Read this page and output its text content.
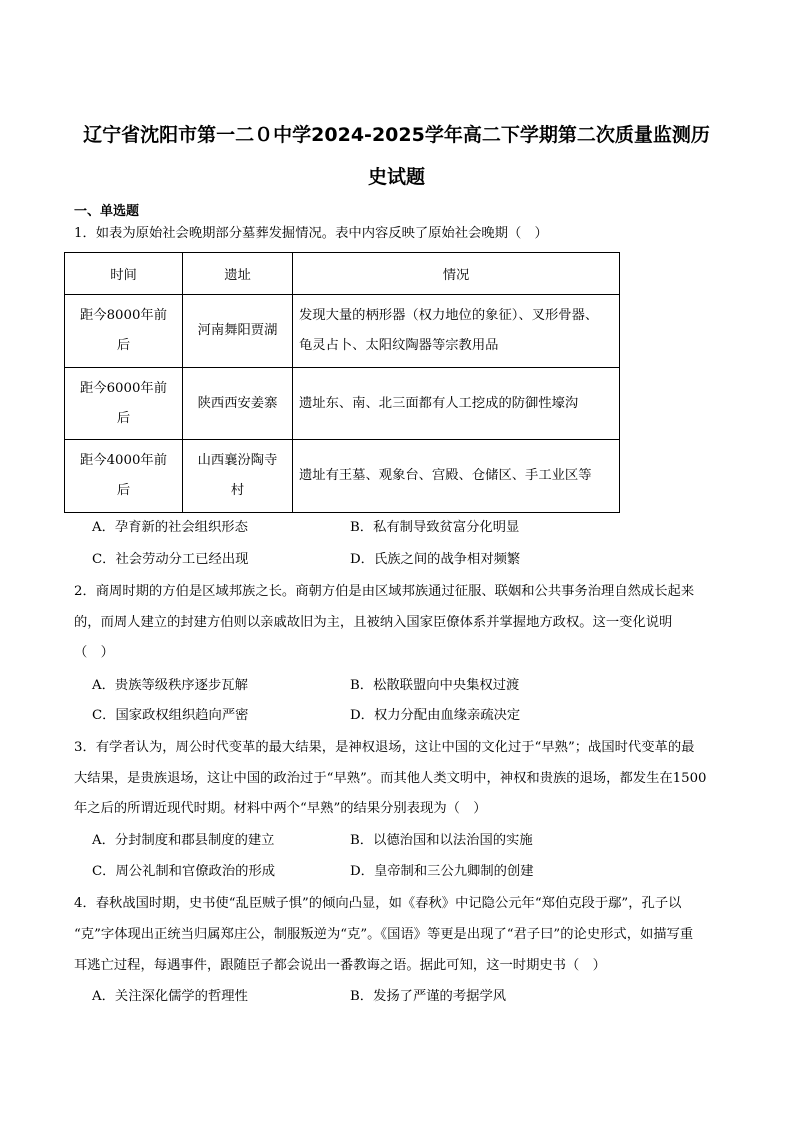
辽宁省沈阳市第一二０中学2024-2025学年高二下学期第二次质量监测历
史试题
一、单选题
1．如表为原始社会晚期部分墓葬发掘情况。表中内容反映了原始社会晚期（　）
时间	遗址	情况
距今8000年前
后	河南舞阳贾湖	发现大量的柄形器（权力地位的象征）、叉形骨器、
龟灵占卜、太阳纹陶器等宗教用品
距今6000年前
后	陕西西安姜寨	遗址东、南、北三面都有人工挖成的防御性壕沟
距今4000年前
后	山西襄汾陶寺
村	遗址有王墓、观象台、宫殿、仓储区、手工业区等
A．孕育新的社会组织形态	B．私有制导致贫富分化明显
C．社会劳动分工已经出现	D．氏族之间的战争相对频繁
2．商周时期的方伯是区域邦族之长。商朝方伯是由区域邦族通过征服、联姻和公共事务治理自然成长起来
的，而周人建立的封建方伯则以亲戚故旧为主，且被纳入国家臣僚体系并掌握地方政权。这一变化说明
（　）
A．贵族等级秩序逐步瓦解	B．松散联盟向中央集权过渡
C．国家政权组织趋向严密	D．权力分配由血缘亲疏决定
3．有学者认为，周公时代变革的最大结果，是神权退场，这让中国的文化过于“早熟”；战国时代变革的最
大结果，是贵族退场，这让中国的政治过于“早熟”。而其他人类文明中，神权和贵族的退场，都发生在1500
年之后的所谓近现代时期。材料中两个“早熟”的结果分别表现为（　）
A．分封制度和郡县制度的建立	B．以德治国和以法治国的实施
C．周公礼制和官僚政治的形成	D．皇帝制和三公九卿制的创建
4．春秋战国时期，史书使“乱臣贼子惧”的倾向凸显，如《春秋》中记隐公元年“郑伯克段于鄢”，孔子以
“克”字体现出正统当归属郑庄公，制服叛逆为“克”。《国语》等更是出现了“君子曰”的论史形式，如描写重
耳逃亡过程，每遇事件，跟随臣子都会说出一番教诲之语。据此可知，这一时期史书（　）
A．关注深化儒学的哲理性	B．发扬了严谨的考据学风
